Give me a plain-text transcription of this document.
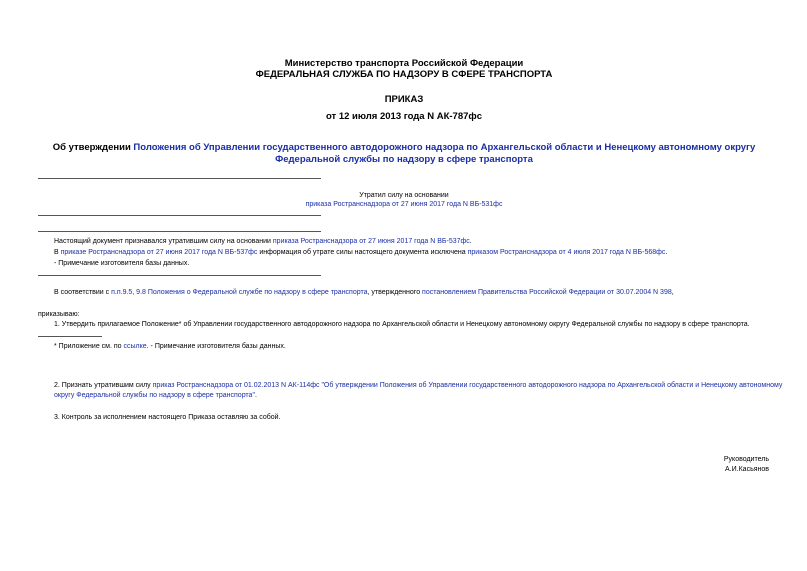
Министерство транспорта Российской Федерации
ФЕДЕРАЛЬНАЯ СЛУЖБА ПО НАДЗОРУ В СФЕРЕ ТРАНСПОРТА
ПРИКАЗ
от 12 июля 2013 года N АК-787фс
Об утверждении Положения об Управлении государственного автодорожного надзора по Архангельской области и Ненецкому автономному округу Федеральной службы по надзору в сфере транспорта
Утратил силу на основании
приказа Ространснадзора от 27 июня 2017 года N ВБ-531фс
Настоящий документ признавался утратившим силу на основании приказа Ространснадзора от 27 июня 2017 года N ВБ-537фс.
В приказе Ространснадзора от 27 июня 2017 года N ВБ-537фс информация об утрате силы настоящего документа исключена приказом Ространснадзора от 4 июля 2017 года N ВБ-568фс.
- Примечание изготовителя базы данных.
В соответствии с п.п.9.5, 9.8 Положения о Федеральной службе по надзору в сфере транспорта, утвержденного постановлением Правительства Российской Федерации от 30.07.2004 N 398,
приказываю:
1. Утвердить прилагаемое Положение* об Управлении государственного автодорожного надзора по Архангельской области и Ненецкому автономному округу Федеральной службы по надзору в сфере транспорта.
* Приложение см. по ссылке. - Примечание изготовителя базы данных.
2. Признать утратившим силу приказ Ространснадзора от 01.02.2013 N АК-114фс "Об утверждении Положения об Управлении государственного автодорожного надзора по Архангельской области и Ненецкому автономному округу Федеральной службы по надзору в сфере транспорта".
3. Контроль за исполнением настоящего Приказа оставляю за собой.
Руководитель
А.И.Касьянов
